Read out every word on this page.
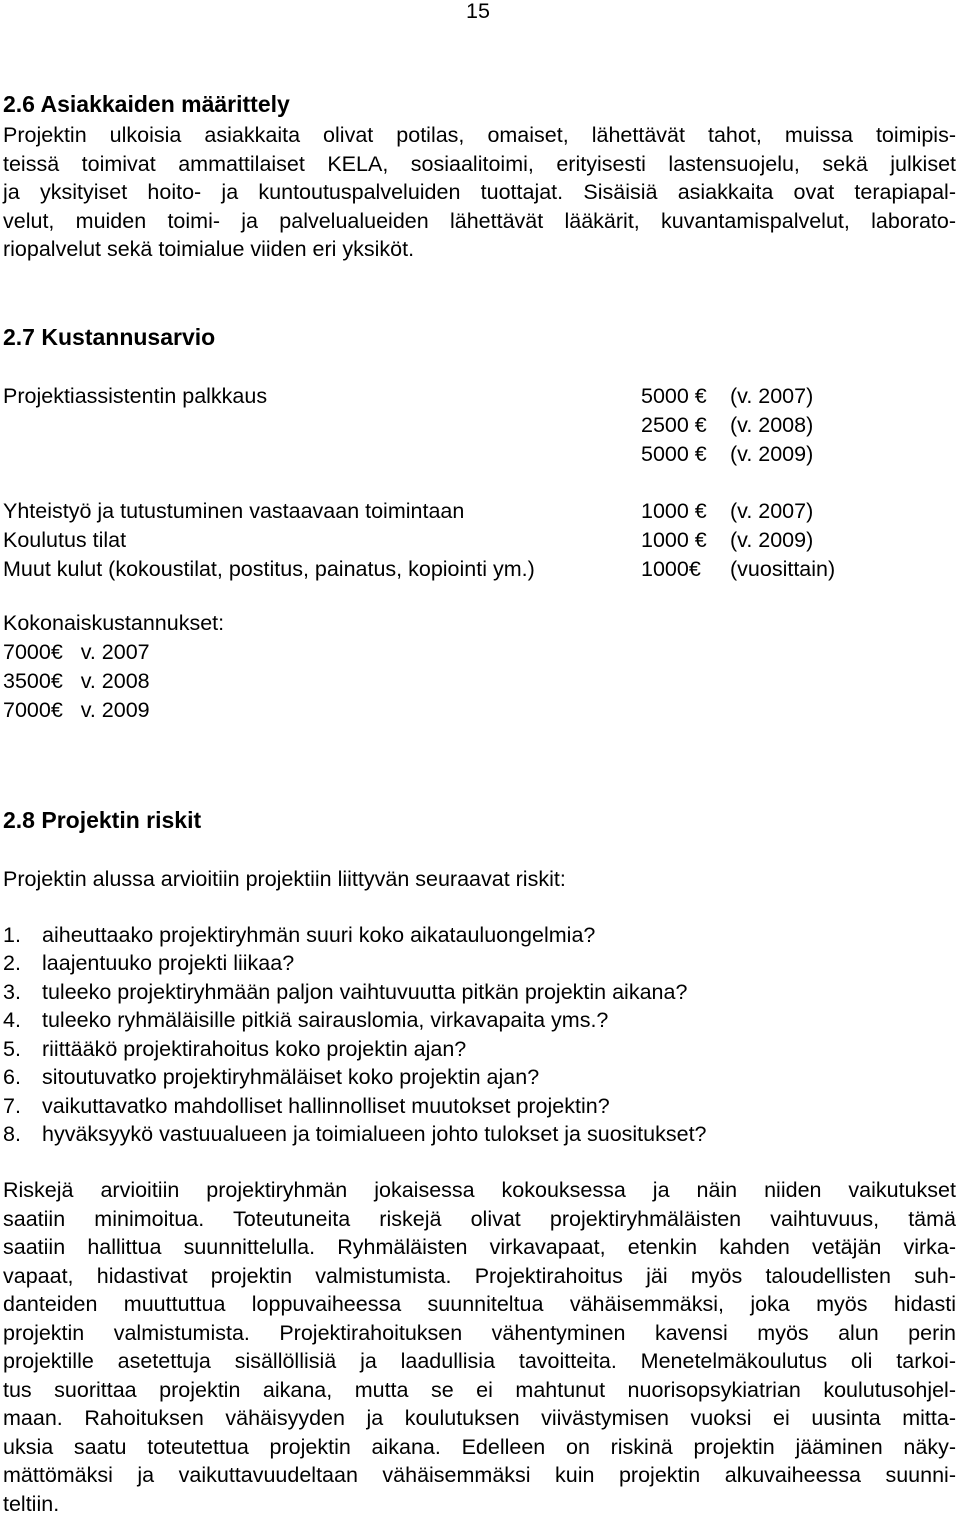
15
2.6 Asiakkaiden määrittely
Projektin ulkoisia asiakkaita olivat potilas, omaiset, lähettävät tahot, muissa toimipis-
teissä toimivat ammattilaiset KELA, sosiaalitoimi, erityisesti lastensuojelu, sekä julkiset
ja yksityiset hoito- ja kuntoutuspalveluiden tuottajat. Sisäisiä asiakkaita ovat terapiapal-
velut, muiden toimi- ja palvelualueiden lähettävät lääkärit, kuvantamispalvelut, laborato-
riopalvelut sekä toimialue viiden eri yksiköt.
2.7 Kustannusarvio
Projektiassistentin palkkaus	5000 € (v. 2007)
2500 € (v. 2008)
5000 € (v. 2009)
Yhteistyö ja tutustuminen vastaavaan toimintaan	1000 € (v. 2007)
Koulutus tilat	1000 € (v. 2009)
Muut kulut (kokoustilat, postitus, painatus, kopiointi ym.)	1000€ (vuosittain)
Kokonaiskustannukset:
7000€   v. 2007
3500€   v. 2008
7000€   v. 2009
2.8 Projektin riskit
Projektin alussa arvioitiin projektiin liittyvän seuraavat riskit:
1. aiheuttaako projektiryhmän suuri koko aikatauluongelmia?
2. laajentuuko projekti liikaa?
3. tuleeko projektiryhmään paljon vaihtuvuutta pitkän projektin aikana?
4. tuleeko ryhmäläisille pitkiä sairauslomia, virkavapaita yms.?
5. riittääkö projektirahoitus koko projektin ajan?
6. sitoutuvatko projektiryhmäläiset koko projektin ajan?
7. vaikuttavatko mahdolliset hallinnolliset muutokset projektin?
8. hyväksyykö vastuualueen ja toimialueen johto tulokset ja suositukset?
Riskejä arvioitiin projektiryhmän jokaisessa kokouksessa ja näin niiden vaikutukset
saatiin minimoitua. Toteutuneita riskejä olivat projektiryhmäläisten vaihtuvuus, tämä
saatiin hallittua suunnittelulla. Ryhmäläisten virkavapaat, etenkin kahden vetäjän virka-
vapaat, hidastivat projektin valmistumista. Projektirahoitus jäi myös taloudellisten suh-
danteiden muuttuttua loppuvaiheessa suunniteltua vähäisemmäksi, joka myös hidasti
projektin valmistumista. Projektirahoituksen vähentyminen kavensi myös alun perin
projektille asetettuja sisällöllisiä ja laadullisia tavoitteita. Menetelmäkoulutus oli tarkoi-
tus suorittaa projektin aikana, mutta se ei mahtunut nuorisopsykiatrian koulutusohjel-
maan. Rahoituksen vähäisyyden ja koulutuksen viivästymisen vuoksi ei uusinta mitta-
uksia saatu toteutettua projektin aikana. Edelleen on riskinä projektin jääminen näky-
mättömäksi ja vaikuttavuudeltaan vähäisemmäksi kuin projektin alkuvaiheessa suunni-
teltiin.
